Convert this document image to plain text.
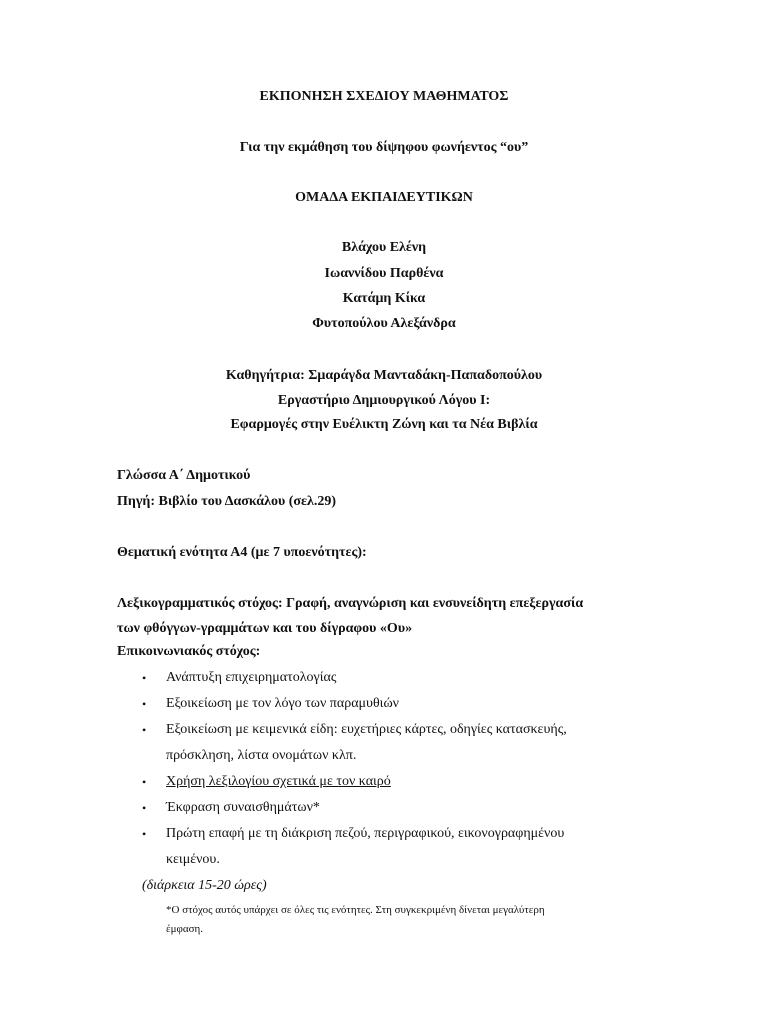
ΕΚΠΟΝΗΣΗ ΣΧΕΔΙΟΥ ΜΑΘΗΜΑΤΟΣ
Για την εκμάθηση του δίψηφου φωνήεντος “ου”
ΟΜΑΔΑ ΕΚΠΑΙΔΕΥΤΙΚΩΝ
Βλάχου Ελένη
Ιωαννίδου Παρθένα
Κατάμη Κίκα
Φυτοπούλου Αλεξάνδρα
Καθηγήτρια: Σμαράγδα Μανταδάκη-Παπαδοπούλου
Εργαστήριο Δημιουργικού Λόγου Ι:
Εφαρμογές στην Ευέλικτη Ζώνη και τα Νέα Βιβλία
Γλώσσα Α΄ Δημοτικού
Πηγή: Βιβλίο του Δασκάλου (σελ.29)
Θεματική ενότητα Α4 (με 7 υποενότητες):
Λεξικογραμματικός στόχος: Γραφή, αναγνώριση και ενσυνείδητη επεξεργασία
των φθόγγων-γραμμάτων και του δίγραφου «Ου»
Επικοινωνιακός στόχος:
•	Ανάπτυξη επιχειρηματολογίας
•	Εξοικείωση με τον λόγο των παραμυθιών
•	Εξοικείωση με κειμενικά είδη: ευχετήριες κάρτες, οδηγίες κατασκευής,
πρόσκληση, λίστα ονομάτων κλπ.
•	Χρήση λεξιλογίου σχετικά με τον καιρό
•	Έκφραση συναισθημάτων*
•	Πρώτη επαφή με τη διάκριση πεζού, περιγραφικού, εικονογραφημένου
κειμένου.
(διάρκεια 15-20 ώρες)
*Ο στόχος αυτός υπάρχει σε όλες τις ενότητες. Στη συγκεκριμένη δίνεται μεγαλύτερη
έμφαση.
